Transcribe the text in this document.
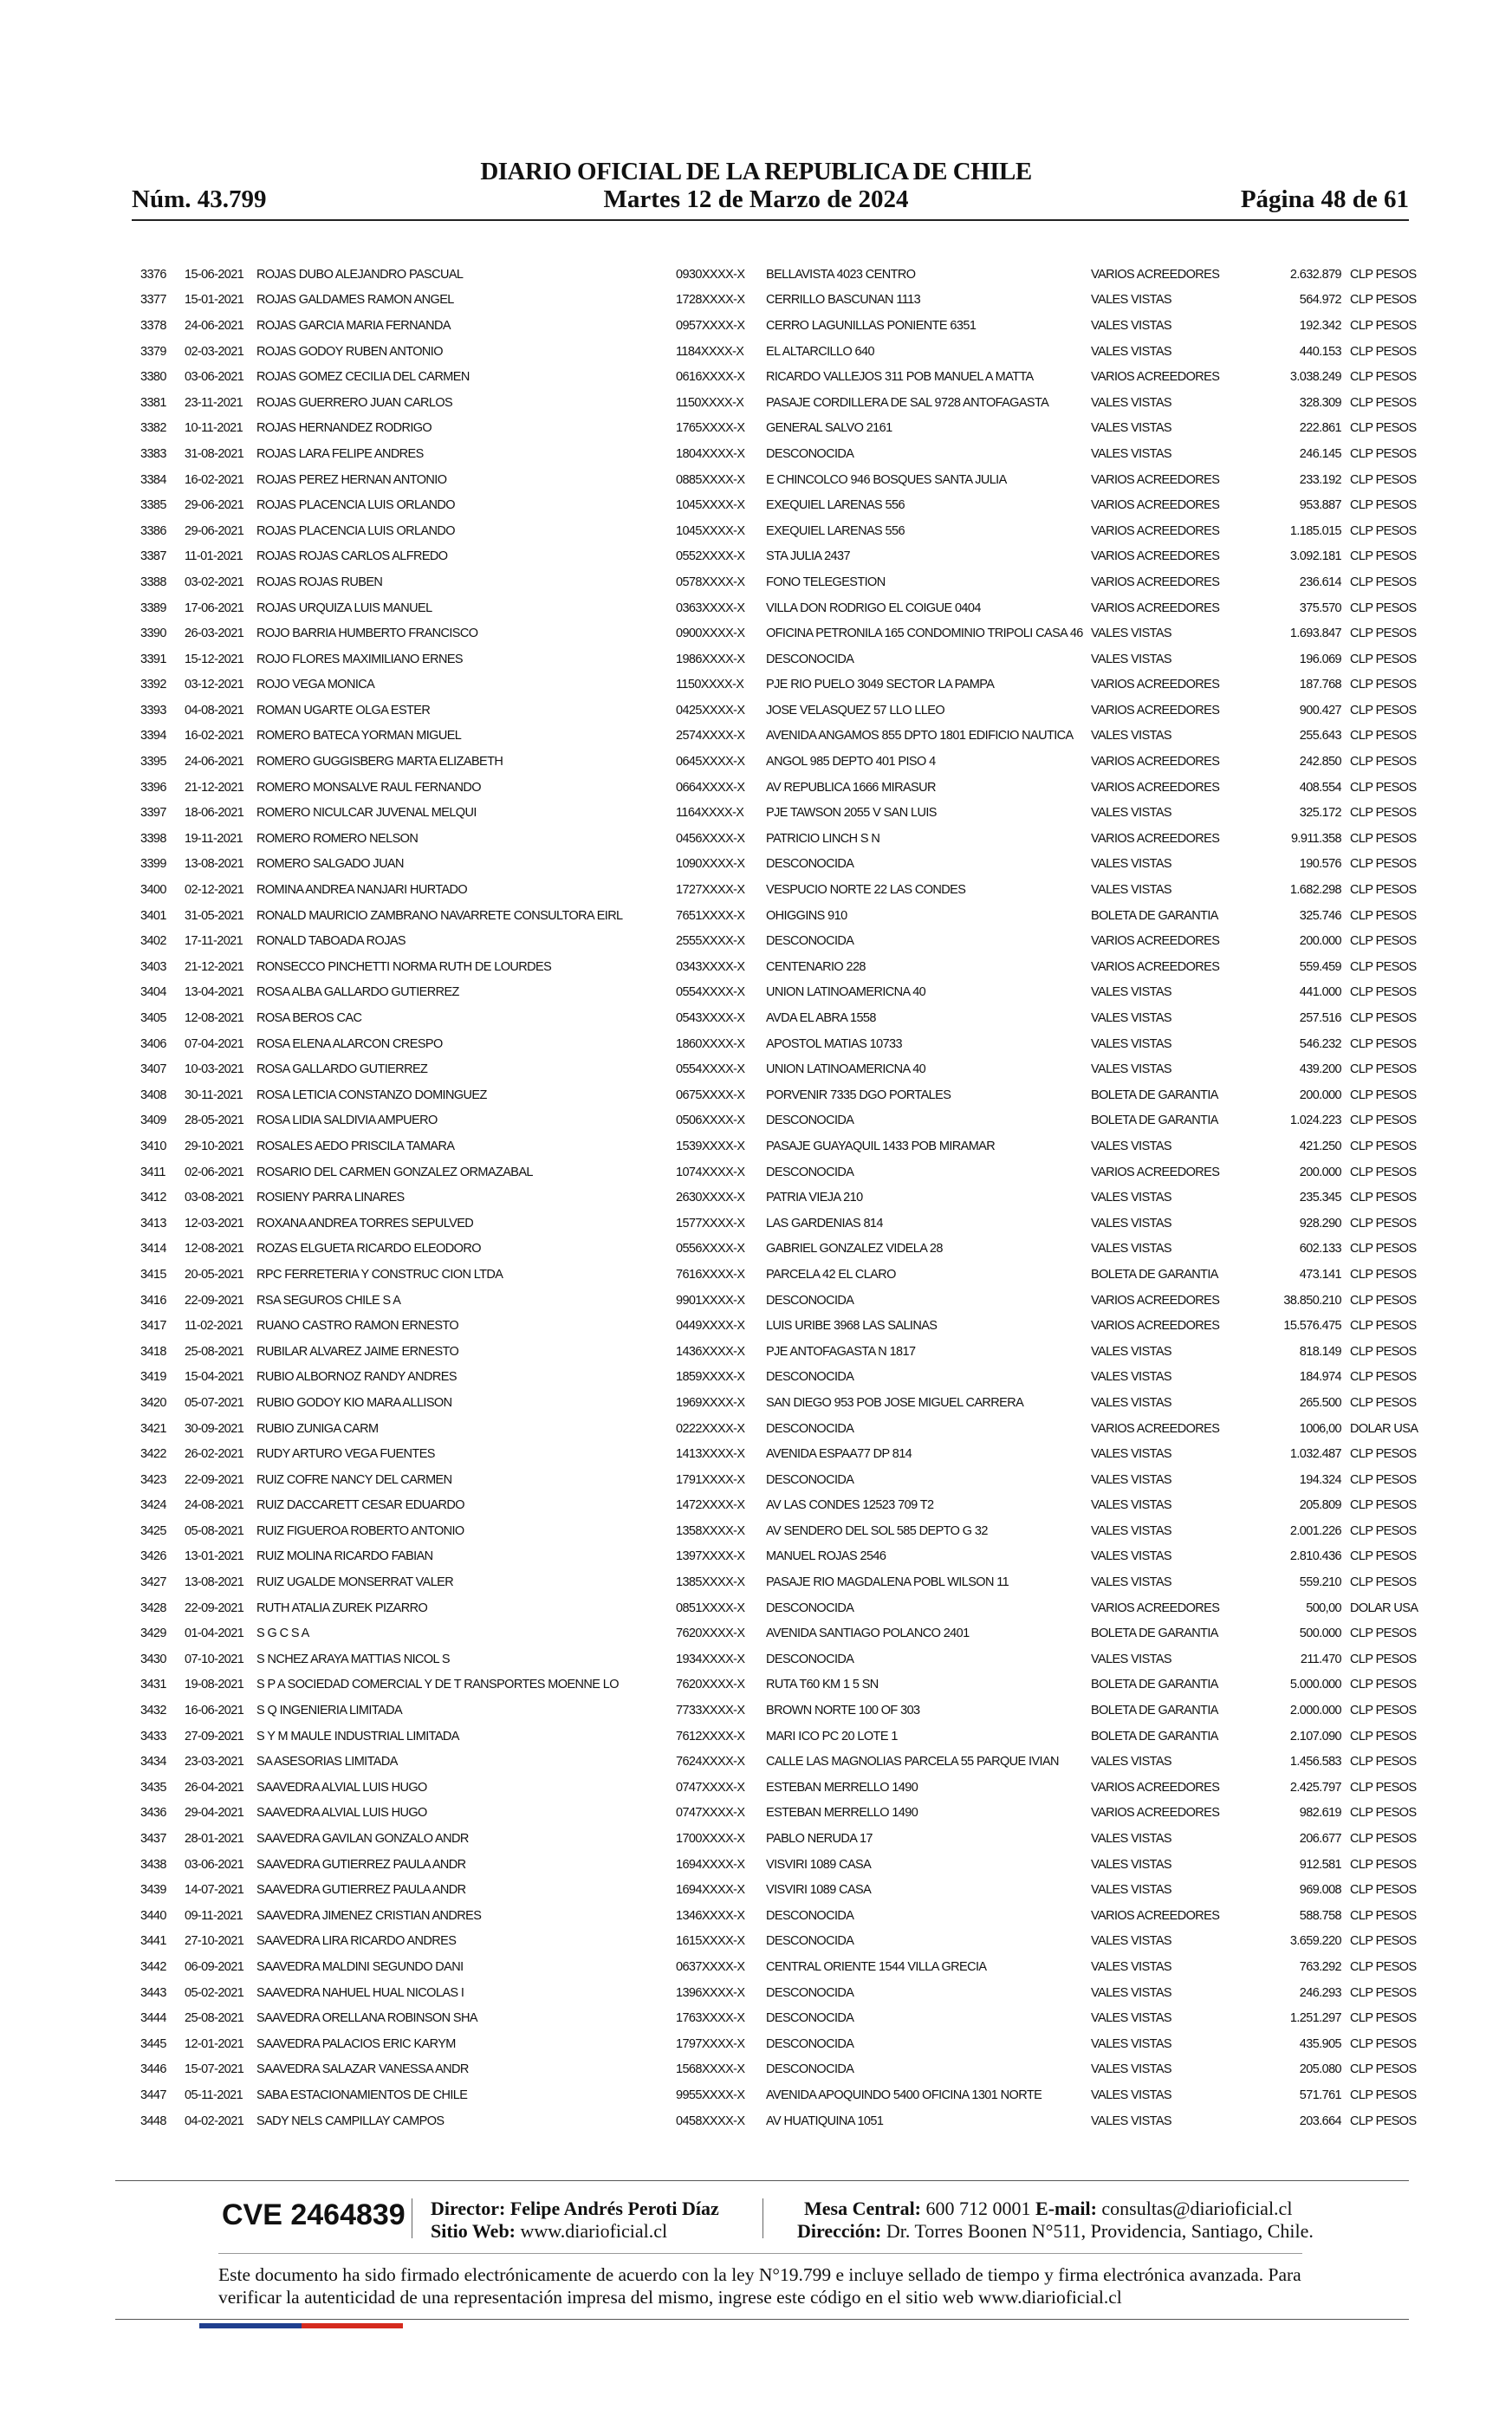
DIARIO OFICIAL DE LA REPUBLICA DE CHILE
Núm. 43.799	Martes 12 de Marzo de 2024	Página 48 de 61
3376	15-06-2021	ROJAS DUBO ALEJANDRO PASCUAL	0930XXXX-X	BELLAVISTA 4023 CENTRO	VARIOS ACREEDORES	2.632.879	CLP PESOS
3377	15-01-2021	ROJAS GALDAMES RAMON ANGEL	1728XXXX-X	CERRILLO BASCUNAN 1113	VALES VISTAS	564.972	CLP PESOS
3378	24-06-2021	ROJAS GARCIA MARIA FERNANDA	0957XXXX-X	CERRO LAGUNILLAS PONIENTE 6351	VALES VISTAS	192.342	CLP PESOS
3379	02-03-2021	ROJAS GODOY RUBEN ANTONIO	1184XXXX-X	EL ALTARCILLO 640	VALES VISTAS	440.153	CLP PESOS
3380	03-06-2021	ROJAS GOMEZ CECILIA DEL CARMEN	0616XXXX-X	RICARDO VALLEJOS 311 POB MANUEL A MATTA	VARIOS ACREEDORES	3.038.249	CLP PESOS
3381	23-11-2021	ROJAS GUERRERO JUAN CARLOS	1150XXXX-X	PASAJE CORDILLERA DE SAL 9728 ANTOFAGASTA	VALES VISTAS	328.309	CLP PESOS
3382	10-11-2021	ROJAS HERNANDEZ RODRIGO	1765XXXX-X	GENERAL SALVO 2161	VALES VISTAS	222.861	CLP PESOS
3383	31-08-2021	ROJAS LARA FELIPE ANDRES	1804XXXX-X	DESCONOCIDA	VALES VISTAS	246.145	CLP PESOS
3384	16-02-2021	ROJAS PEREZ HERNAN ANTONIO	0885XXXX-X	E CHINCOLCO 946 BOSQUES SANTA JULIA	VARIOS ACREEDORES	233.192	CLP PESOS
3385	29-06-2021	ROJAS PLACENCIA LUIS ORLANDO	1045XXXX-X	EXEQUIEL LARENAS 556	VARIOS ACREEDORES	953.887	CLP PESOS
3386	29-06-2021	ROJAS PLACENCIA LUIS ORLANDO	1045XXXX-X	EXEQUIEL LARENAS 556	VARIOS ACREEDORES	1.185.015	CLP PESOS
3387	11-01-2021	ROJAS ROJAS CARLOS ALFREDO	0552XXXX-X	STA JULIA 2437	VARIOS ACREEDORES	3.092.181	CLP PESOS
3388	03-02-2021	ROJAS ROJAS RUBEN	0578XXXX-X	FONO TELEGESTION	VARIOS ACREEDORES	236.614	CLP PESOS
3389	17-06-2021	ROJAS URQUIZA LUIS MANUEL	0363XXXX-X	VILLA DON RODRIGO EL COIGUE 0404	VARIOS ACREEDORES	375.570	CLP PESOS
3390	26-03-2021	ROJO BARRIA HUMBERTO FRANCISCO	0900XXXX-X	OFICINA PETRONILA 165 CONDOMINIO TRIPOLI CASA 46	VALES VISTAS	1.693.847	CLP PESOS
3391	15-12-2021	ROJO FLORES MAXIMILIANO ERNES	1986XXXX-X	DESCONOCIDA	VALES VISTAS	196.069	CLP PESOS
3392	03-12-2021	ROJO VEGA MONICA	1150XXXX-X	PJE RIO PUELO 3049 SECTOR LA PAMPA	VARIOS ACREEDORES	187.768	CLP PESOS
3393	04-08-2021	ROMAN UGARTE OLGA ESTER	0425XXXX-X	JOSE VELASQUEZ 57 LLO LLEO	VARIOS ACREEDORES	900.427	CLP PESOS
3394	16-02-2021	ROMERO BATECA YORMAN MIGUEL	2574XXXX-X	AVENIDA ANGAMOS 855 DPTO 1801 EDIFICIO NAUTICA	VALES VISTAS	255.643	CLP PESOS
3395	24-06-2021	ROMERO GUGGISBERG MARTA ELIZABETH	0645XXXX-X	ANGOL 985 DEPTO 401 PISO 4	VARIOS ACREEDORES	242.850	CLP PESOS
3396	21-12-2021	ROMERO MONSALVE RAUL FERNANDO	0664XXXX-X	AV REPUBLICA 1666 MIRASUR	VARIOS ACREEDORES	408.554	CLP PESOS
3397	18-06-2021	ROMERO NICULCAR JUVENAL MELQUI	1164XXXX-X	PJE TAWSON 2055 V SAN LUIS	VALES VISTAS	325.172	CLP PESOS
3398	19-11-2021	ROMERO ROMERO NELSON	0456XXXX-X	PATRICIO LINCH S N	VARIOS ACREEDORES	9.911.358	CLP PESOS
3399	13-08-2021	ROMERO SALGADO JUAN	1090XXXX-X	DESCONOCIDA	VALES VISTAS	190.576	CLP PESOS
3400	02-12-2021	ROMINA ANDREA NANJARI HURTADO	1727XXXX-X	VESPUCIO NORTE 22 LAS CONDES	VALES VISTAS	1.682.298	CLP PESOS
3401	31-05-2021	RONALD MAURICIO ZAMBRANO NAVARRETE CONSULTORA EIRL	7651XXXX-X	OHIGGINS 910	BOLETA DE GARANTIA	325.746	CLP PESOS
3402	17-11-2021	RONALD TABOADA ROJAS	2555XXXX-X	DESCONOCIDA	VARIOS ACREEDORES	200.000	CLP PESOS
3403	21-12-2021	RONSECCO PINCHETTI NORMA RUTH DE LOURDES	0343XXXX-X	CENTENARIO 228	VARIOS ACREEDORES	559.459	CLP PESOS
3404	13-04-2021	ROSA ALBA GALLARDO GUTIERREZ	0554XXXX-X	UNION LATINOAMERICNA 40	VALES VISTAS	441.000	CLP PESOS
3405	12-08-2021	ROSA BEROS CAC	0543XXXX-X	AVDA EL ABRA 1558	VALES VISTAS	257.516	CLP PESOS
3406	07-04-2021	ROSA ELENA ALARCON CRESPO	1860XXXX-X	APOSTOL MATIAS 10733	VALES VISTAS	546.232	CLP PESOS
3407	10-03-2021	ROSA GALLARDO GUTIERREZ	0554XXXX-X	UNION LATINOAMERICNA 40	VALES VISTAS	439.200	CLP PESOS
3408	30-11-2021	ROSA LETICIA CONSTANZO DOMINGUEZ	0675XXXX-X	PORVENIR 7335 DGO PORTALES	BOLETA DE GARANTIA	200.000	CLP PESOS
3409	28-05-2021	ROSA LIDIA SALDIVIA AMPUERO	0506XXXX-X	DESCONOCIDA	BOLETA DE GARANTIA	1.024.223	CLP PESOS
3410	29-10-2021	ROSALES AEDO PRISCILA TAMARA	1539XXXX-X	PASAJE GUAYAQUIL 1433 POB MIRAMAR	VALES VISTAS	421.250	CLP PESOS
3411	02-06-2021	ROSARIO DEL CARMEN GONZALEZ ORMAZABAL	1074XXXX-X	DESCONOCIDA	VARIOS ACREEDORES	200.000	CLP PESOS
3412	03-08-2021	ROSIENY PARRA LINARES	2630XXXX-X	PATRIA VIEJA 210	VALES VISTAS	235.345	CLP PESOS
3413	12-03-2021	ROXANA ANDREA TORRES SEPULVED	1577XXXX-X	LAS GARDENIAS 814	VALES VISTAS	928.290	CLP PESOS
3414	12-08-2021	ROZAS ELGUETA RICARDO ELEODORO	0556XXXX-X	GABRIEL GONZALEZ VIDELA 28	VALES VISTAS	602.133	CLP PESOS
3415	20-05-2021	RPC FERRETERIA Y CONSTRUC CION LTDA	7616XXXX-X	PARCELA 42 EL CLARO	BOLETA DE GARANTIA	473.141	CLP PESOS
3416	22-09-2021	RSA SEGUROS CHILE S A	9901XXXX-X	DESCONOCIDA	VARIOS ACREEDORES	38.850.210	CLP PESOS
3417	11-02-2021	RUANO CASTRO RAMON ERNESTO	0449XXXX-X	LUIS URIBE 3968 LAS SALINAS	VARIOS ACREEDORES	15.576.475	CLP PESOS
3418	25-08-2021	RUBILAR ALVAREZ JAIME ERNESTO	1436XXXX-X	PJE ANTOFAGASTA N 1817	VALES VISTAS	818.149	CLP PESOS
3419	15-04-2021	RUBIO ALBORNOZ RANDY ANDRES	1859XXXX-X	DESCONOCIDA	VALES VISTAS	184.974	CLP PESOS
3420	05-07-2021	RUBIO GODOY KIO MARA ALLISON	1969XXXX-X	SAN DIEGO 953 POB JOSE MIGUEL CARRERA	VALES VISTAS	265.500	CLP PESOS
3421	30-09-2021	RUBIO ZUNIGA CARM	0222XXXX-X	DESCONOCIDA	VARIOS ACREEDORES	1006,00	DOLAR USA
3422	26-02-2021	RUDY ARTURO VEGA FUENTES	1413XXXX-X	AVENIDA ESPAA77 DP 814	VALES VISTAS	1.032.487	CLP PESOS
3423	22-09-2021	RUIZ COFRE NANCY DEL CARMEN	1791XXXX-X	DESCONOCIDA	VALES VISTAS	194.324	CLP PESOS
3424	24-08-2021	RUIZ DACCARETT CESAR EDUARDO	1472XXXX-X	AV LAS CONDES 12523 709 T2	VALES VISTAS	205.809	CLP PESOS
3425	05-08-2021	RUIZ FIGUEROA ROBERTO ANTONIO	1358XXXX-X	AV SENDERO DEL SOL 585 DEPTO G 32	VALES VISTAS	2.001.226	CLP PESOS
3426	13-01-2021	RUIZ MOLINA RICARDO FABIAN	1397XXXX-X	MANUEL ROJAS 2546	VALES VISTAS	2.810.436	CLP PESOS
3427	13-08-2021	RUIZ UGALDE MONSERRAT VALER	1385XXXX-X	PASAJE RIO MAGDALENA POBL WILSON 11	VALES VISTAS	559.210	CLP PESOS
3428	22-09-2021	RUTH ATALIA ZUREK PIZARRO	0851XXXX-X	DESCONOCIDA	VARIOS ACREEDORES	500,00	DOLAR USA
3429	01-04-2021	S G C S A	7620XXXX-X	AVENIDA SANTIAGO POLANCO 2401	BOLETA DE GARANTIA	500.000	CLP PESOS
3430	07-10-2021	S NCHEZ ARAYA MATTIAS NICOL S	1934XXXX-X	DESCONOCIDA	VALES VISTAS	211.470	CLP PESOS
3431	19-08-2021	S P A SOCIEDAD COMERCIAL Y DE T RANSPORTES MOENNE LO	7620XXXX-X	RUTA T60 KM 1 5 SN	BOLETA DE GARANTIA	5.000.000	CLP PESOS
3432	16-06-2021	S Q INGENIERIA LIMITADA	7733XXXX-X	BROWN NORTE 100 OF 303	BOLETA DE GARANTIA	2.000.000	CLP PESOS
3433	27-09-2021	S Y M MAULE INDUSTRIAL LIMITADA	7612XXXX-X	MARI ICO PC 20 LOTE 1	BOLETA DE GARANTIA	2.107.090	CLP PESOS
3434	23-03-2021	SA ASESORIAS LIMITADA	7624XXXX-X	CALLE LAS MAGNOLIAS PARCELA 55 PARQUE IVIAN	VALES VISTAS	1.456.583	CLP PESOS
3435	26-04-2021	SAAVEDRA ALVIAL LUIS HUGO	0747XXXX-X	ESTEBAN MERRELLO 1490	VARIOS ACREEDORES	2.425.797	CLP PESOS
3436	29-04-2021	SAAVEDRA ALVIAL LUIS HUGO	0747XXXX-X	ESTEBAN MERRELLO 1490	VARIOS ACREEDORES	982.619	CLP PESOS
3437	28-01-2021	SAAVEDRA GAVILAN GONZALO ANDR	1700XXXX-X	PABLO NERUDA 17	VALES VISTAS	206.677	CLP PESOS
3438	03-06-2021	SAAVEDRA GUTIERREZ PAULA ANDR	1694XXXX-X	VISVIRI 1089 CASA	VALES VISTAS	912.581	CLP PESOS
3439	14-07-2021	SAAVEDRA GUTIERREZ PAULA ANDR	1694XXXX-X	VISVIRI 1089 CASA	VALES VISTAS	969.008	CLP PESOS
3440	09-11-2021	SAAVEDRA JIMENEZ CRISTIAN ANDRES	1346XXXX-X	DESCONOCIDA	VARIOS ACREEDORES	588.758	CLP PESOS
3441	27-10-2021	SAAVEDRA LIRA RICARDO ANDRES	1615XXXX-X	DESCONOCIDA	VALES VISTAS	3.659.220	CLP PESOS
3442	06-09-2021	SAAVEDRA MALDINI SEGUNDO DANI	0637XXXX-X	CENTRAL ORIENTE 1544 VILLA GRECIA	VALES VISTAS	763.292	CLP PESOS
3443	05-02-2021	SAAVEDRA NAHUEL HUAL NICOLAS I	1396XXXX-X	DESCONOCIDA	VALES VISTAS	246.293	CLP PESOS
3444	25-08-2021	SAAVEDRA ORELLANA ROBINSON SHA	1763XXXX-X	DESCONOCIDA	VALES VISTAS	1.251.297	CLP PESOS
3445	12-01-2021	SAAVEDRA PALACIOS ERIC KARYM	1797XXXX-X	DESCONOCIDA	VALES VISTAS	435.905	CLP PESOS
3446	15-07-2021	SAAVEDRA SALAZAR VANESSA ANDR	1568XXXX-X	DESCONOCIDA	VALES VISTAS	205.080	CLP PESOS
3447	05-11-2021	SABA ESTACIONAMIENTOS DE CHILE	9955XXXX-X	AVENIDA APOQUINDO 5400 OFICINA 1301 NORTE	VALES VISTAS	571.761	CLP PESOS
3448	04-02-2021	SADY NELS CAMPILLAY CAMPOS	0458XXXX-X	AV HUATIQUINA 1051	VALES VISTAS	203.664	CLP PESOS
CVE 2464839 Director: Felipe Andrés Peroti Díaz
Sitio Web: www.diarioficial.cl
Mesa Central: 600 712 0001 E-mail: consultas@diarioficial.cl
Dirección: Dr. Torres Boonen N°511, Providencia, Santiago, Chile.
Este documento ha sido firmado electrónicamente de acuerdo con la ley N°19.799 e incluye sellado de tiempo y firma electrónica avanzada. Para verificar la autenticidad de una representación impresa del mismo, ingrese este código en el sitio web www.diarioficial.cl
